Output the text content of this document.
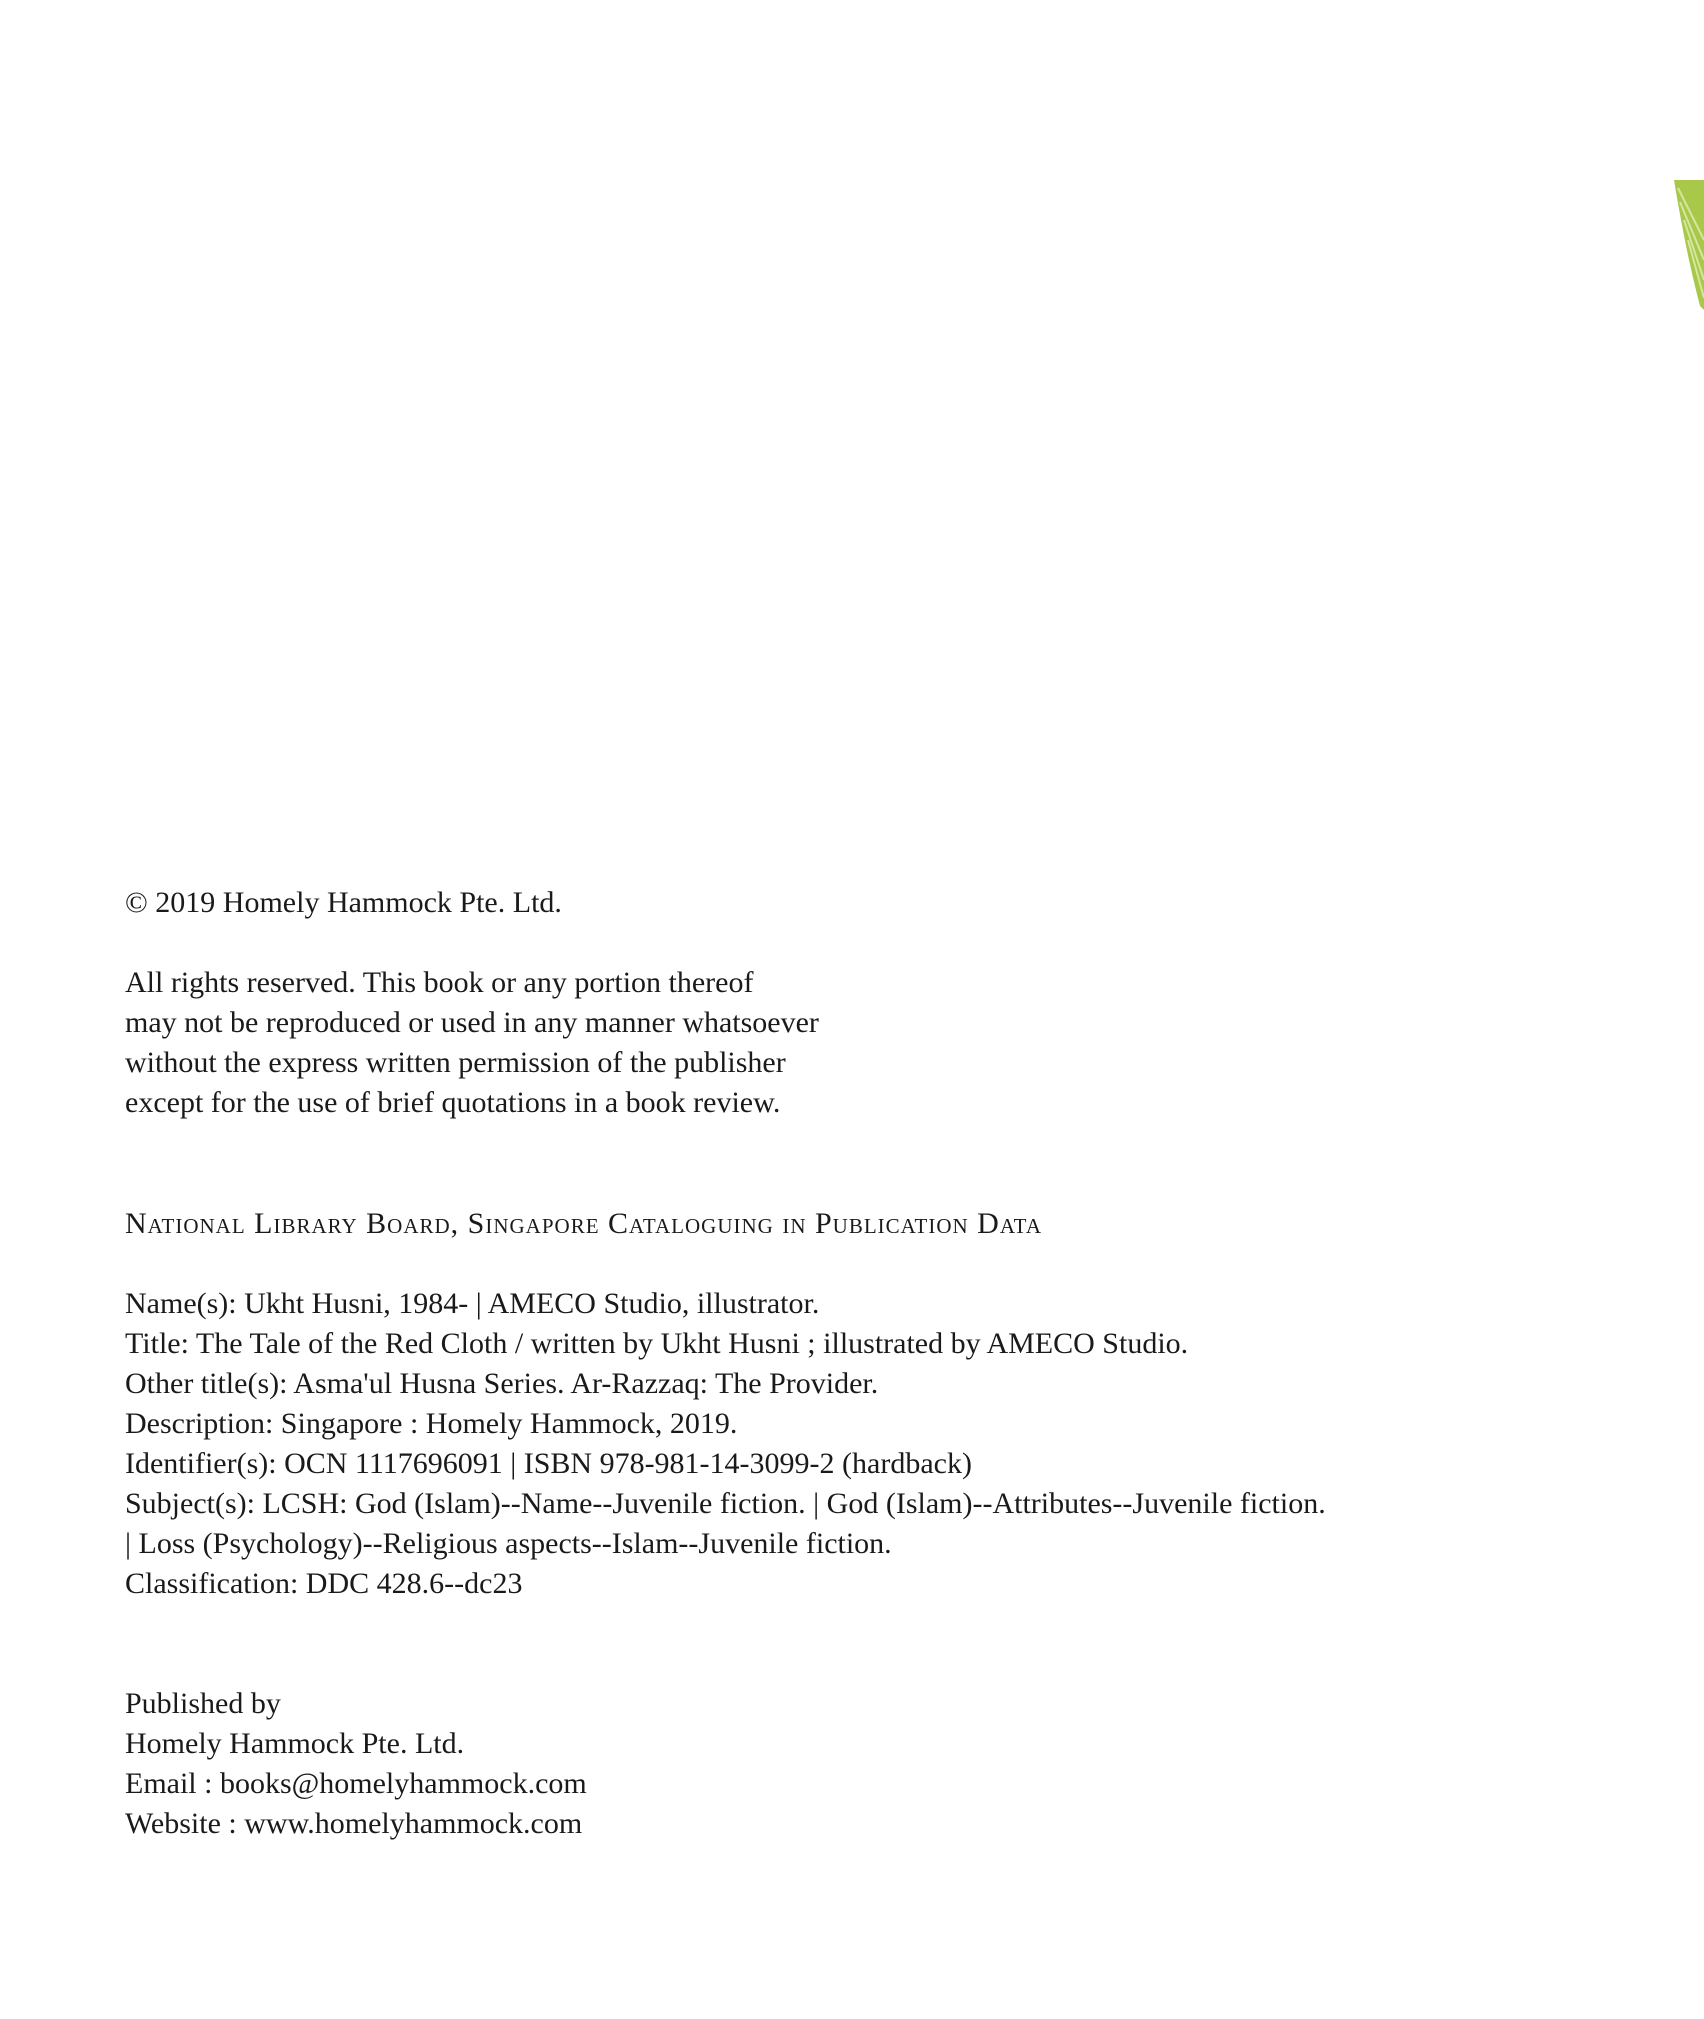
© 2019 Homely Hammock Pte. Ltd.

All rights reserved. This book or any portion thereof

may not be reproduced or used in any manner whatsoever

without the express written permission of the publisher

except for the use of brief quotations in a book review.

National Library Board, Singapore Cataloguing in Publication Data

Name(s): Ukht Husni, 1984- | AMECO Studio, illustrator.

Title: The Tale of the Red Cloth / written by Ukht Husni ; illustrated by AMECO Studio.

Other title(s): Asma'ul Husna Series. Ar-Razzaq: The Provider.

Description: Singapore : Homely Hammock, 2019.

Identifier(s): OCN 1117696091 | ISBN 978-981-14-3099-2 (hardback)

Subject(s): LCSH: God (Islam)--Name--Juvenile fiction. | God (Islam)--Attributes--Juvenile fiction.

| Loss (Psychology)--Religious aspects--Islam--Juvenile fiction.

Classification: DDC 428.6--dc23

Published by

Homely Hammock Pte. Ltd.

Email : books@homelyhammock.com

Website : www.homelyhammock.com
